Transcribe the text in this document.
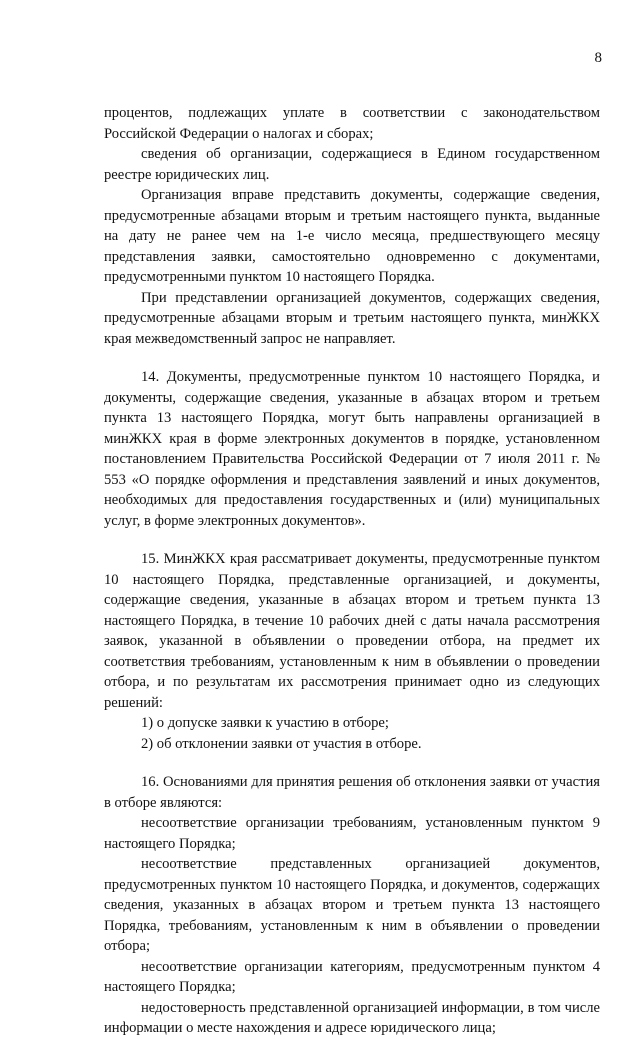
8

процентов, подлежащих уплате в соответствии с законодательством Российской Федерации о налогах и сборах;

сведения об организации, содержащиеся в Едином государственном реестре юридических лиц.

Организация вправе представить документы, содержащие сведения, предусмотренные абзацами вторым и третьим настоящего пункта, выданные на дату не ранее чем на 1-е число месяца, предшествующего месяцу представления заявки, самостоятельно одновременно с документами, предусмотренными пунктом 10 настоящего Порядка.

При представлении организацией документов, содержащих сведения, предусмотренные абзацами вторым и третьим настоящего пункта, минЖКХ края межведомственный запрос не направляет.

14. Документы, предусмотренные пунктом 10 настоящего Порядка, и документы, содержащие сведения, указанные в абзацах втором и третьем пункта 13 настоящего Порядка, могут быть направлены организацией в минЖКХ края в форме электронных документов в порядке, установленном постановлением Правительства Российской Федерации от 7 июля 2011 г. № 553 «О порядке оформления и представления заявлений и иных документов, необходимых для предоставления государственных и (или) муниципальных услуг, в форме электронных документов».

15. МинЖКХ края рассматривает документы, предусмотренные пунктом 10 настоящего Порядка, представленные организацией, и документы, содержащие сведения, указанные в абзацах втором и третьем пункта 13 настоящего Порядка, в течение 10 рабочих дней с даты начала рассмотрения заявок, указанной в объявлении о проведении отбора, на предмет их соответствия требованиям, установленным к ним в объявлении о проведении отбора, и по результатам их рассмотрения принимает одно из следующих решений:

1) о допуске заявки к участию в отборе;

2) об отклонении заявки от участия в отборе.

16. Основаниями для принятия решения об отклонения заявки от участия в отборе являются:

несоответствие организации требованиям, установленным пунктом 9 настоящего Порядка;

несоответствие представленных организацией документов, предусмотренных пунктом 10 настоящего Порядка, и документов, содержащих сведения, указанных в абзацах втором и третьем пункта 13 настоящего Порядка, требованиям, установленным к ним в объявлении о проведении отбора;

несоответствие организации категориям, предусмотренным пунктом 4 настоящего Порядка;

недостоверность представленной организацией информации, в том числе информации о месте нахождения и адресе юридического лица;
